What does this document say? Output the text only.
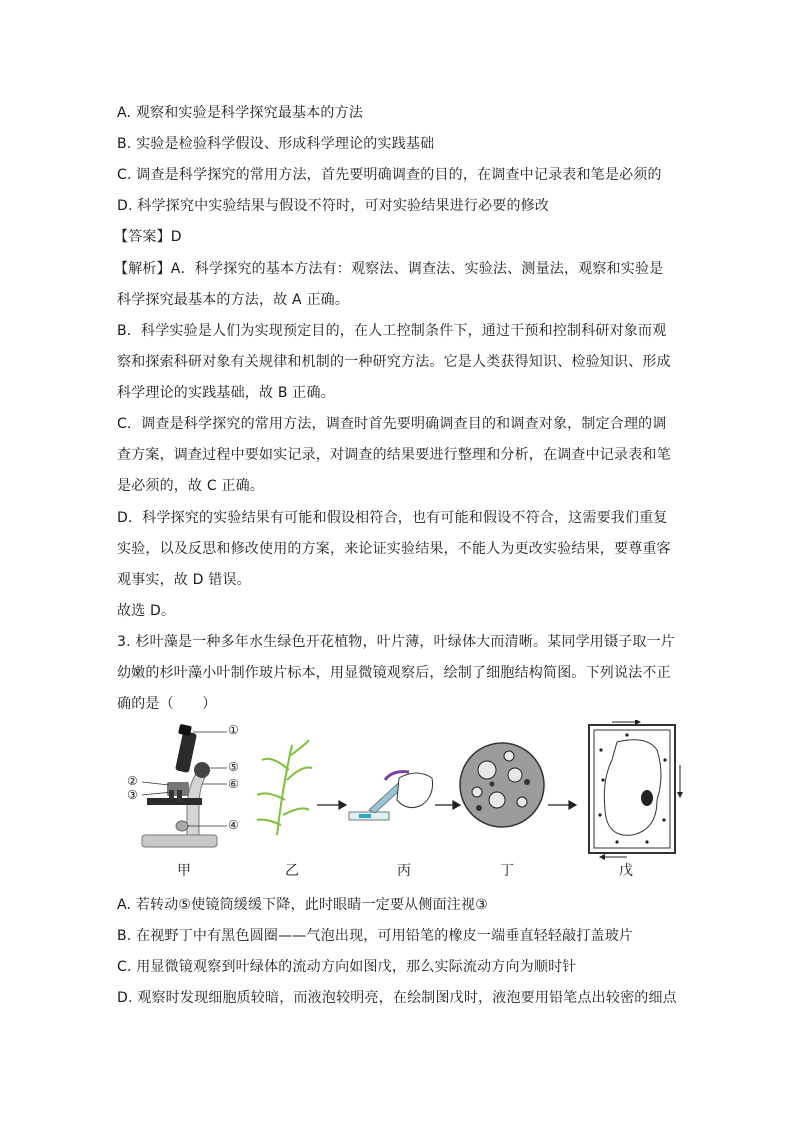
A. 观察和实验是科学探究最基本的方法
B. 实验是检验科学假设、形成科学理论的实践基础
C. 调查是科学探究的常用方法，首先要明确调查的目的，在调查中记录表和笔是必须的
D. 科学探究中实验结果与假设不符时，可对实验结果进行必要的修改
【答案】D
【解析】A．科学探究的基本方法有：观察法、调查法、实验法、测量法，观察和实验是
科学探究最基本的方法，故 A 正确。
B．科学实验是人们为实现预定目的，在人工控制条件下，通过干预和控制科研对象而观
察和探索科研对象有关规律和机制的一种研究方法。它是人类获得知识、检验知识、形成
科学理论的实践基础，故 B 正确。
C．调查是科学探究的常用方法，调查时首先要明确调查目的和调查对象，制定合理的调
查方案，调查过程中要如实记录，对调查的结果要进行整理和分析，在调查中记录表和笔
是必须的，故 C 正确。
D．科学探究的实验结果有可能和假设相符合，也有可能和假设不符合，这需要我们重复
实验，以及反思和修改使用的方案，来论证实验结果，不能人为更改实验结果，要尊重客
观事实，故 D 错误。
故选 D。
3. 杉叶藻是一种多年水生绿色开花植物，叶片薄，叶绿体大而清晰。某同学用镊子取一片
幼嫩的杉叶藻小叶制作玻片标本，用显微镜观察后，绘制了细胞结构简图。下列说法不正
确的是（　　）
①
②
③
④
⑤
⑥
甲	乙	丙	丁	戊
A. 若转动⑤使镜筒缓缓下降，此时眼睛一定要从侧面注视③
B. 在视野丁中有黑色圆圈——气泡出现，可用铅笔的橡皮一端垂直轻轻敲打盖玻片
C. 用显微镜观察到叶绿体的流动方向如图戊，那么实际流动方向为顺时针
D. 观察时发现细胞质较暗，而液泡较明亮，在绘制图戊时，液泡要用铅笔点出较密的细点
